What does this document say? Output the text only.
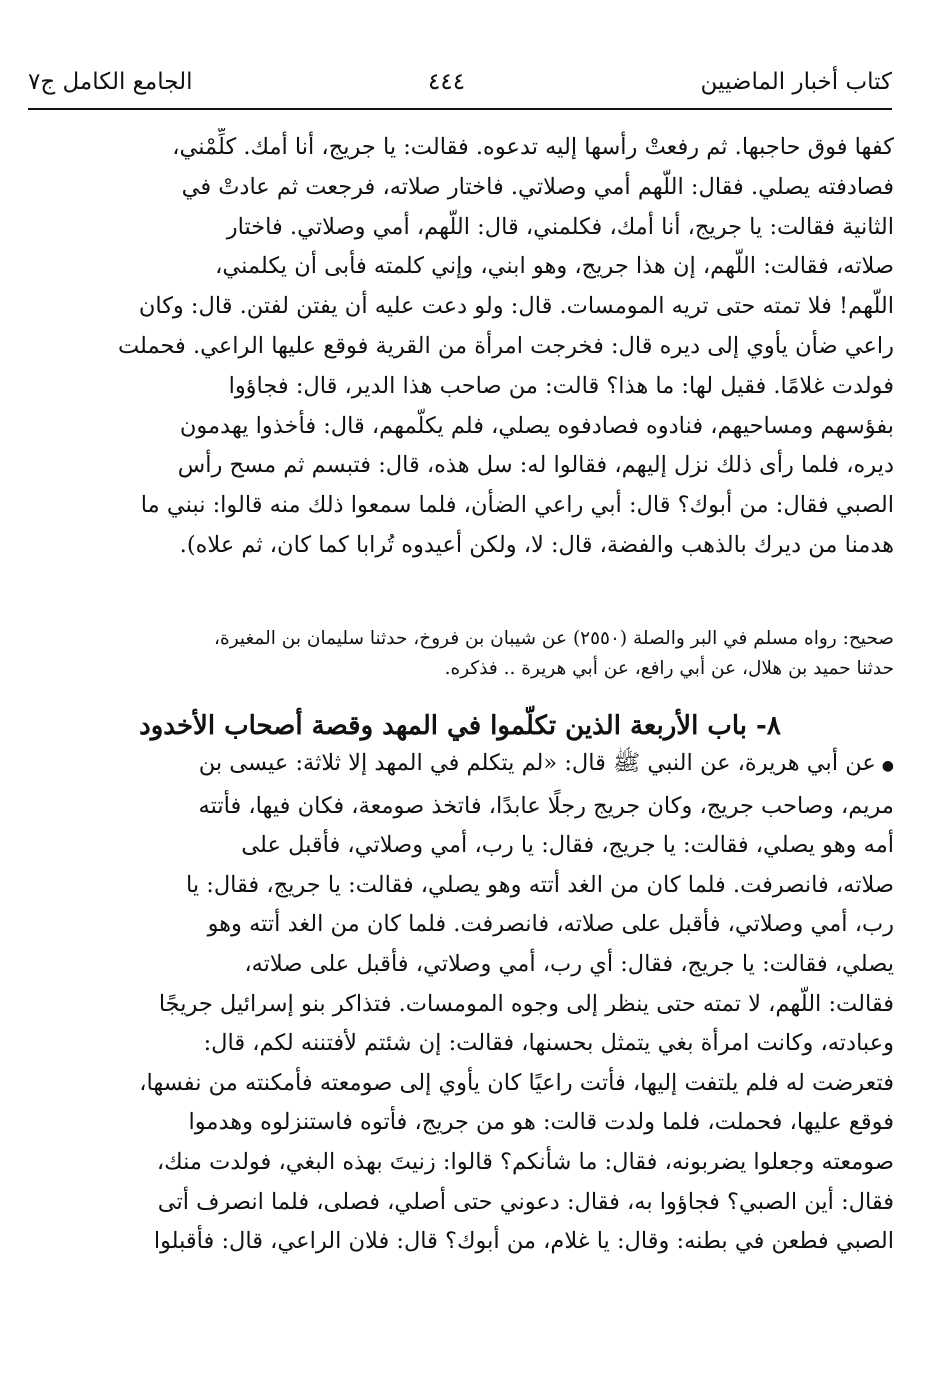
كتاب أخبار الماضيين
٤٤٤
الجامع الكامل ج٧
كفها فوق حاجبها. ثم رفعتْ رأسها إليه تدعوه. فقالت: يا جريج، أنا أمك. كلِّمْني،
فصادفته يصلي. فقال: اللّهم أمي وصلاتي. فاختار صلاته، فرجعت ثم عادتْ في
الثانية فقالت: يا جريج، أنا أمك، فكلمني، قال: اللّهم، أمي وصلاتي. فاختار
صلاته، فقالت: اللّهم، إن هذا جريج، وهو ابني، وإني كلمته فأبى أن يكلمني،
اللّهم! فلا تمته حتى تريه المومسات. قال: ولو دعت عليه أن يفتن لفتن. قال: وكان
راعي ضأن يأوي إلى ديره قال: فخرجت امرأة من القرية فوقع عليها الراعي. فحملت
فولدت غلامًا. فقيل لها: ما هذا؟ قالت: من صاحب هذا الدير، قال: فجاؤوا
بفؤسهم ومساحيهم، فنادوه فصادفوه يصلي، فلم يكلّمهم، قال: فأخذوا يهدمون
ديره، فلما رأى ذلك نزل إليهم، فقالوا له: سل هذه، قال: فتبسم ثم مسح رأس
الصبي فقال: من أبوك؟ قال: أبي راعي الضأن، فلما سمعوا ذلك منه قالوا: نبني ما
هدمنا من ديرك بالذهب والفضة، قال: لا، ولكن أعيدوه تُرابا كما كان، ثم علاه).
صحيح: رواه مسلم في البر والصلة (٢٥٥٠) عن شيبان بن فروخ، حدثنا سليمان بن المغيرة،
حدثنا حميد بن هلال، عن أبي رافع، عن أبي هريرة .. فذكره.
٨- باب الأربعة الذين تكلّموا في المهد وقصة أصحاب الأخدود
●عن أبي هريرة، عن النبي ﷺ قال: «لم يتكلم في المهد إلا ثلاثة: عيسى بن
مريم، وصاحب جريج، وكان جريج رجلًا عابدًا، فاتخذ صومعة، فكان فيها، فأتته
أمه وهو يصلي، فقالت: يا جريج، فقال: يا رب، أمي وصلاتي، فأقبل على
صلاته، فانصرفت. فلما كان من الغد أتته وهو يصلي، فقالت: يا جريج، فقال: يا
رب، أمي وصلاتي، فأقبل على صلاته، فانصرفت. فلما كان من الغد أتته وهو
يصلي، فقالت: يا جريج، فقال: أي رب، أمي وصلاتي، فأقبل على صلاته،
فقالت: اللّهم، لا تمته حتى ينظر إلى وجوه المومسات. فتذاكر بنو إسرائيل جريجًا
وعبادته، وكانت امرأة بغي يتمثل بحسنها، فقالت: إن شئتم لأفتننه لكم، قال:
فتعرضت له فلم يلتفت إليها، فأتت راعيًا كان يأوي إلى صومعته فأمكنته من نفسها،
فوقع عليها، فحملت، فلما ولدت قالت: هو من جريج، فأتوه فاستنزلوه وهدموا
صومعته وجعلوا يضربونه، فقال: ما شأنكم؟ قالوا: زنيتَ بهذه البغي، فولدت منك،
فقال: أين الصبي؟ فجاؤوا به، فقال: دعوني حتى أصلي، فصلى، فلما انصرف أتى
الصبي فطعن في بطنه: وقال: يا غلام، من أبوك؟ قال: فلان الراعي، قال: فأقبلوا
